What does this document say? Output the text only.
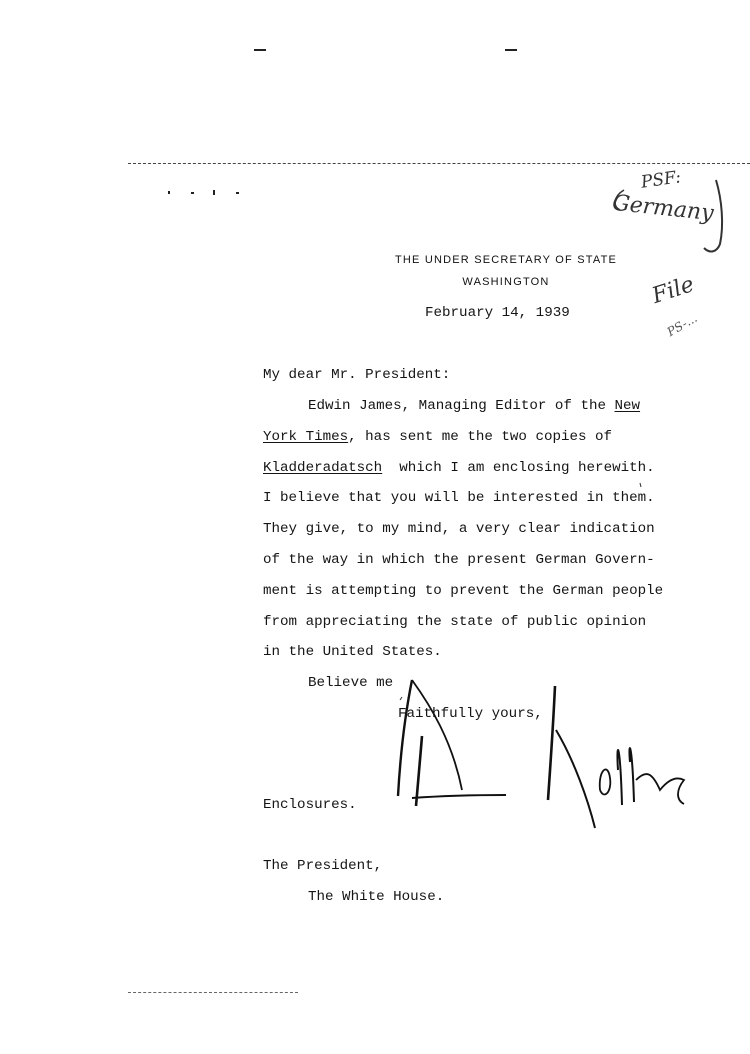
THE UNDER SECRETARY OF STATE
WASHINGTON
February 14, 1939
My dear Mr. President:
Edwin James, Managing Editor of the New
York Times, has sent me the two copies of
Kladderadatsch  which I am enclosing herewith.
I believe that you will be interested in them.
They give, to my mind, a very clear indication
of the way in which the present German Govern-
ment is attempting to prevent the German people
from appreciating the state of public opinion
in the United States.
Believe me
Faithfully yours,
Enclosures.
The President,
The White House.
PSF:
Germany
File
PS-...
